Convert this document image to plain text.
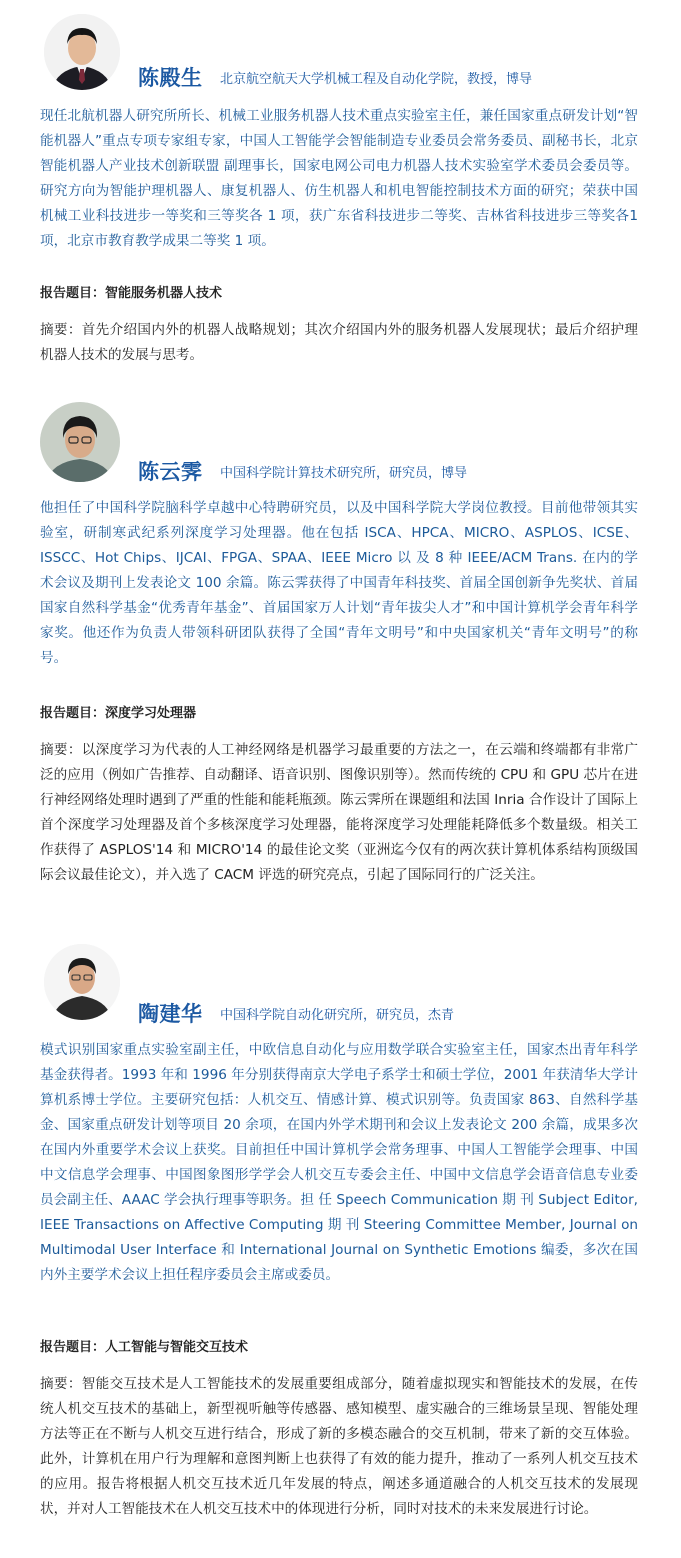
陈殿生 北京航空航天大学机械工程及自动化学院，教授，博导

现任北航机器人研究所所长、机械工业服务机器人技术重点实验室主任，兼任国家重点研发计划“智能机器人”重点专项专家组专家，中国人工智能学会智能制造专业委员会常务委员、副秘书长，北京智能机器人产业技术创新联盟 副理事长，国家电网公司电力机器人技术实验室学术委员会委员等。研究方向为智能护理机器人、康复机器人、仿生机器人和机电智能控制技术方面的研究；荣获中国机械工业科技进步一等奖和三等奖各 1 项，获广东省科技进步二等奖、吉林省科技进步三等奖各1项，北京市教育教学成果二等奖 1 项。

报告题目：智能服务机器人技术

摘要：首先介绍国内外的机器人战略规划；其次介绍国内外的服务机器人发展现状；最后介绍护理机器人技术的发展与思考。

陈云霁 中国科学院计算技术研究所，研究员，博导

他担任了中国科学院脑科学卓越中心特聘研究员，以及中国科学院大学岗位教授。目前他带领其实验室，研制寒武纪系列深度学习处理器。他在包括 ISCA、HPCA、MICRO、ASPLOS、ICSE、ISSCC、Hot Chips、IJCAI、FPGA、SPAA、IEEE Micro 以 及 8 种 IEEE/ACM Trans. 在内的学术会议及期刊上发表论文 100 余篇。陈云霁获得了中国青年科技奖、首届全国创新争先奖状、首届国家自然科学基金“优秀青年基金”、首届国家万人计划“青年拔尖人才”和中国计算机学会青年科学家奖。他还作为负责人带领科研团队获得了全国“青年文明号”和中央国家机关“青年文明号”的称号。

报告题目：深度学习处理器

摘要：以深度学习为代表的人工神经网络是机器学习最重要的方法之一，在云端和终端都有非常广泛的应用（例如广告推荐、自动翻译、语音识别、图像识别等）。然而传统的 CPU 和 GPU 芯片在进行神经网络处理时遇到了严重的性能和能耗瓶颈。陈云霁所在课题组和法国 Inria 合作设计了国际上首个深度学习处理器及首个多核深度学习处理器，能将深度学习处理能耗降低多个数量级。相关工作获得了 ASPLOS'14 和 MICRO'14 的最佳论文奖（亚洲迄今仅有的两次获计算机体系结构顶级国际会议最佳论文），并入选了 CACM 评选的研究亮点，引起了国际同行的广泛关注。

陶建华 中国科学院自动化研究所，研究员，杰青

模式识别国家重点实验室副主任，中欧信息自动化与应用数学联合实验室主任，国家杰出青年科学基金获得者。1993 年和 1996 年分别获得南京大学电子系学士和硕士学位，2001 年获清华大学计算机系博士学位。主要研究包括：人机交互、情感计算、模式识别等。负责国家 863、自然科学基金、国家重点研发计划等项目 20 余项，在国内外学术期刊和会议上发表论文 200 余篇，成果多次在国内外重要学术会议上获奖。目前担任中国计算机学会常务理事、中国人工智能学会理事、中国中文信息学会理事、中国图象图形学学会人机交互专委会主任、中国中文信息学会语音信息专业委员会副主任、AAAC 学会执行理事等职务。担 任 Speech Communication 期 刊 Subject Editor, IEEE Transactions on Affective Computing 期 刊 Steering Committee Member, Journal on Multimodal User Interface 和 International Journal on Synthetic Emotions 编委，多次在国内外主要学术会议上担任程序委员会主席或委员。

报告题目：人工智能与智能交互技术

摘要：智能交互技术是人工智能技术的发展重要组成部分，随着虚拟现实和智能技术的发展，在传统人机交互技术的基础上，新型视听触等传感器、感知模型、虚实融合的三维场景呈现、智能处理方法等正在不断与人机交互进行结合，形成了新的多模态融合的交互机制，带来了新的交互体验。此外，计算机在用户行为理解和意图判断上也获得了有效的能力提升，推动了一系列人机交互技术的应用。报告将根据人机交互技术近几年发展的特点，阐述多通道融合的人机交互技术的发展现状，并对人工智能技术在人机交互技术中的体现进行分析，同时对技术的未来发展进行讨论。
